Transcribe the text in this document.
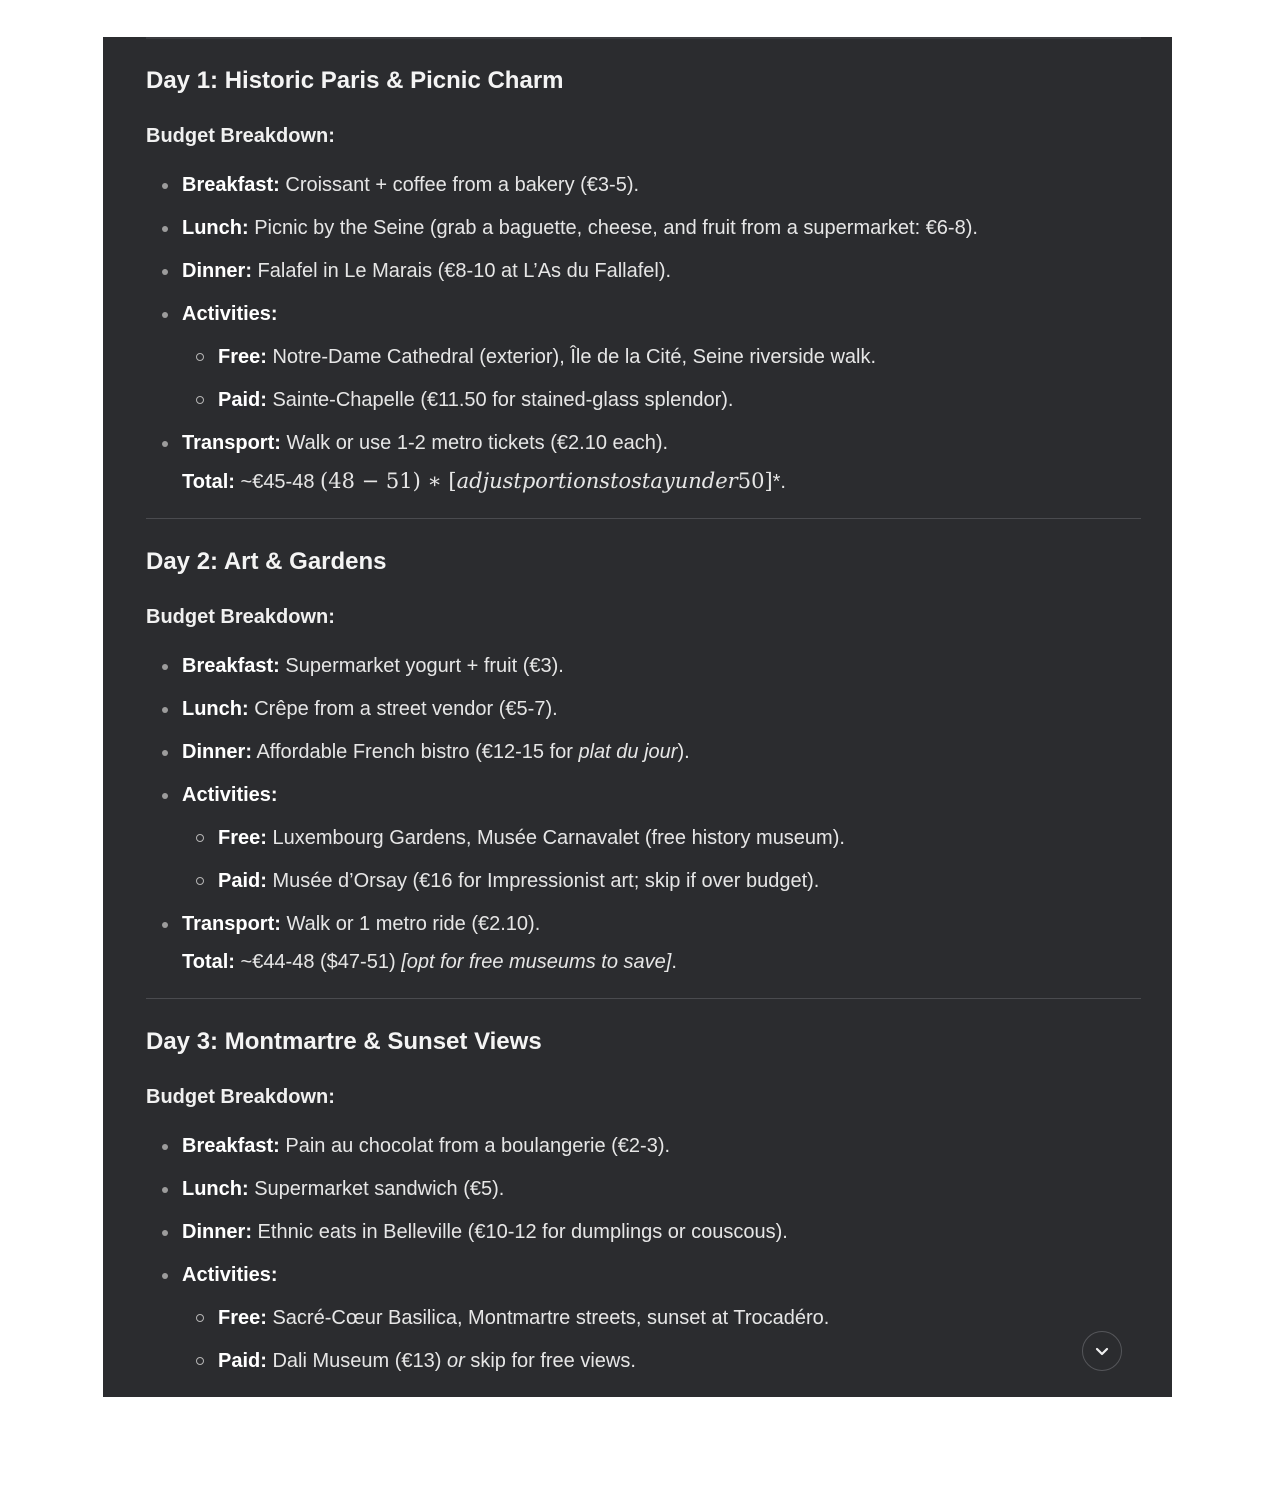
Day 1: Historic Paris & Picnic Charm
Budget Breakdown:
Breakfast: Croissant + coffee from a bakery (€3-5).
Lunch: Picnic by the Seine (grab a baguette, cheese, and fruit from a supermarket: €6-8).
Dinner: Falafel in Le Marais (€8-10 at L’As du Fallafel).
Activities:
Free: Notre-Dame Cathedral (exterior), Île de la Cité, Seine riverside walk.
Paid: Sainte-Chapelle (€11.50 for stained-glass splendor).
Transport: Walk or use 1-2 metro tickets (€2.10 each).
Total: ~€45-48 (48 − 51) ∗ [adjustportionstostayunder50]*.
Day 2: Art & Gardens
Budget Breakdown:
Breakfast: Supermarket yogurt + fruit (€3).
Lunch: Crêpe from a street vendor (€5-7).
Dinner: Affordable French bistro (€12-15 for plat du jour).
Activities:
Free: Luxembourg Gardens, Musée Carnavalet (free history museum).
Paid: Musée d’Orsay (€16 for Impressionist art; skip if over budget).
Transport: Walk or 1 metro ride (€2.10).
Total: ~€44-48 ($47-51) [opt for free museums to save].
Day 3: Montmartre & Sunset Views
Budget Breakdown:
Breakfast: Pain au chocolat from a boulangerie (€2-3).
Lunch: Supermarket sandwich (€5).
Dinner: Ethnic eats in Belleville (€10-12 for dumplings or couscous).
Activities:
Free: Sacré-Cœur Basilica, Montmartre streets, sunset at Trocadéro.
Paid: Dali Museum (€13) or skip for free views.
